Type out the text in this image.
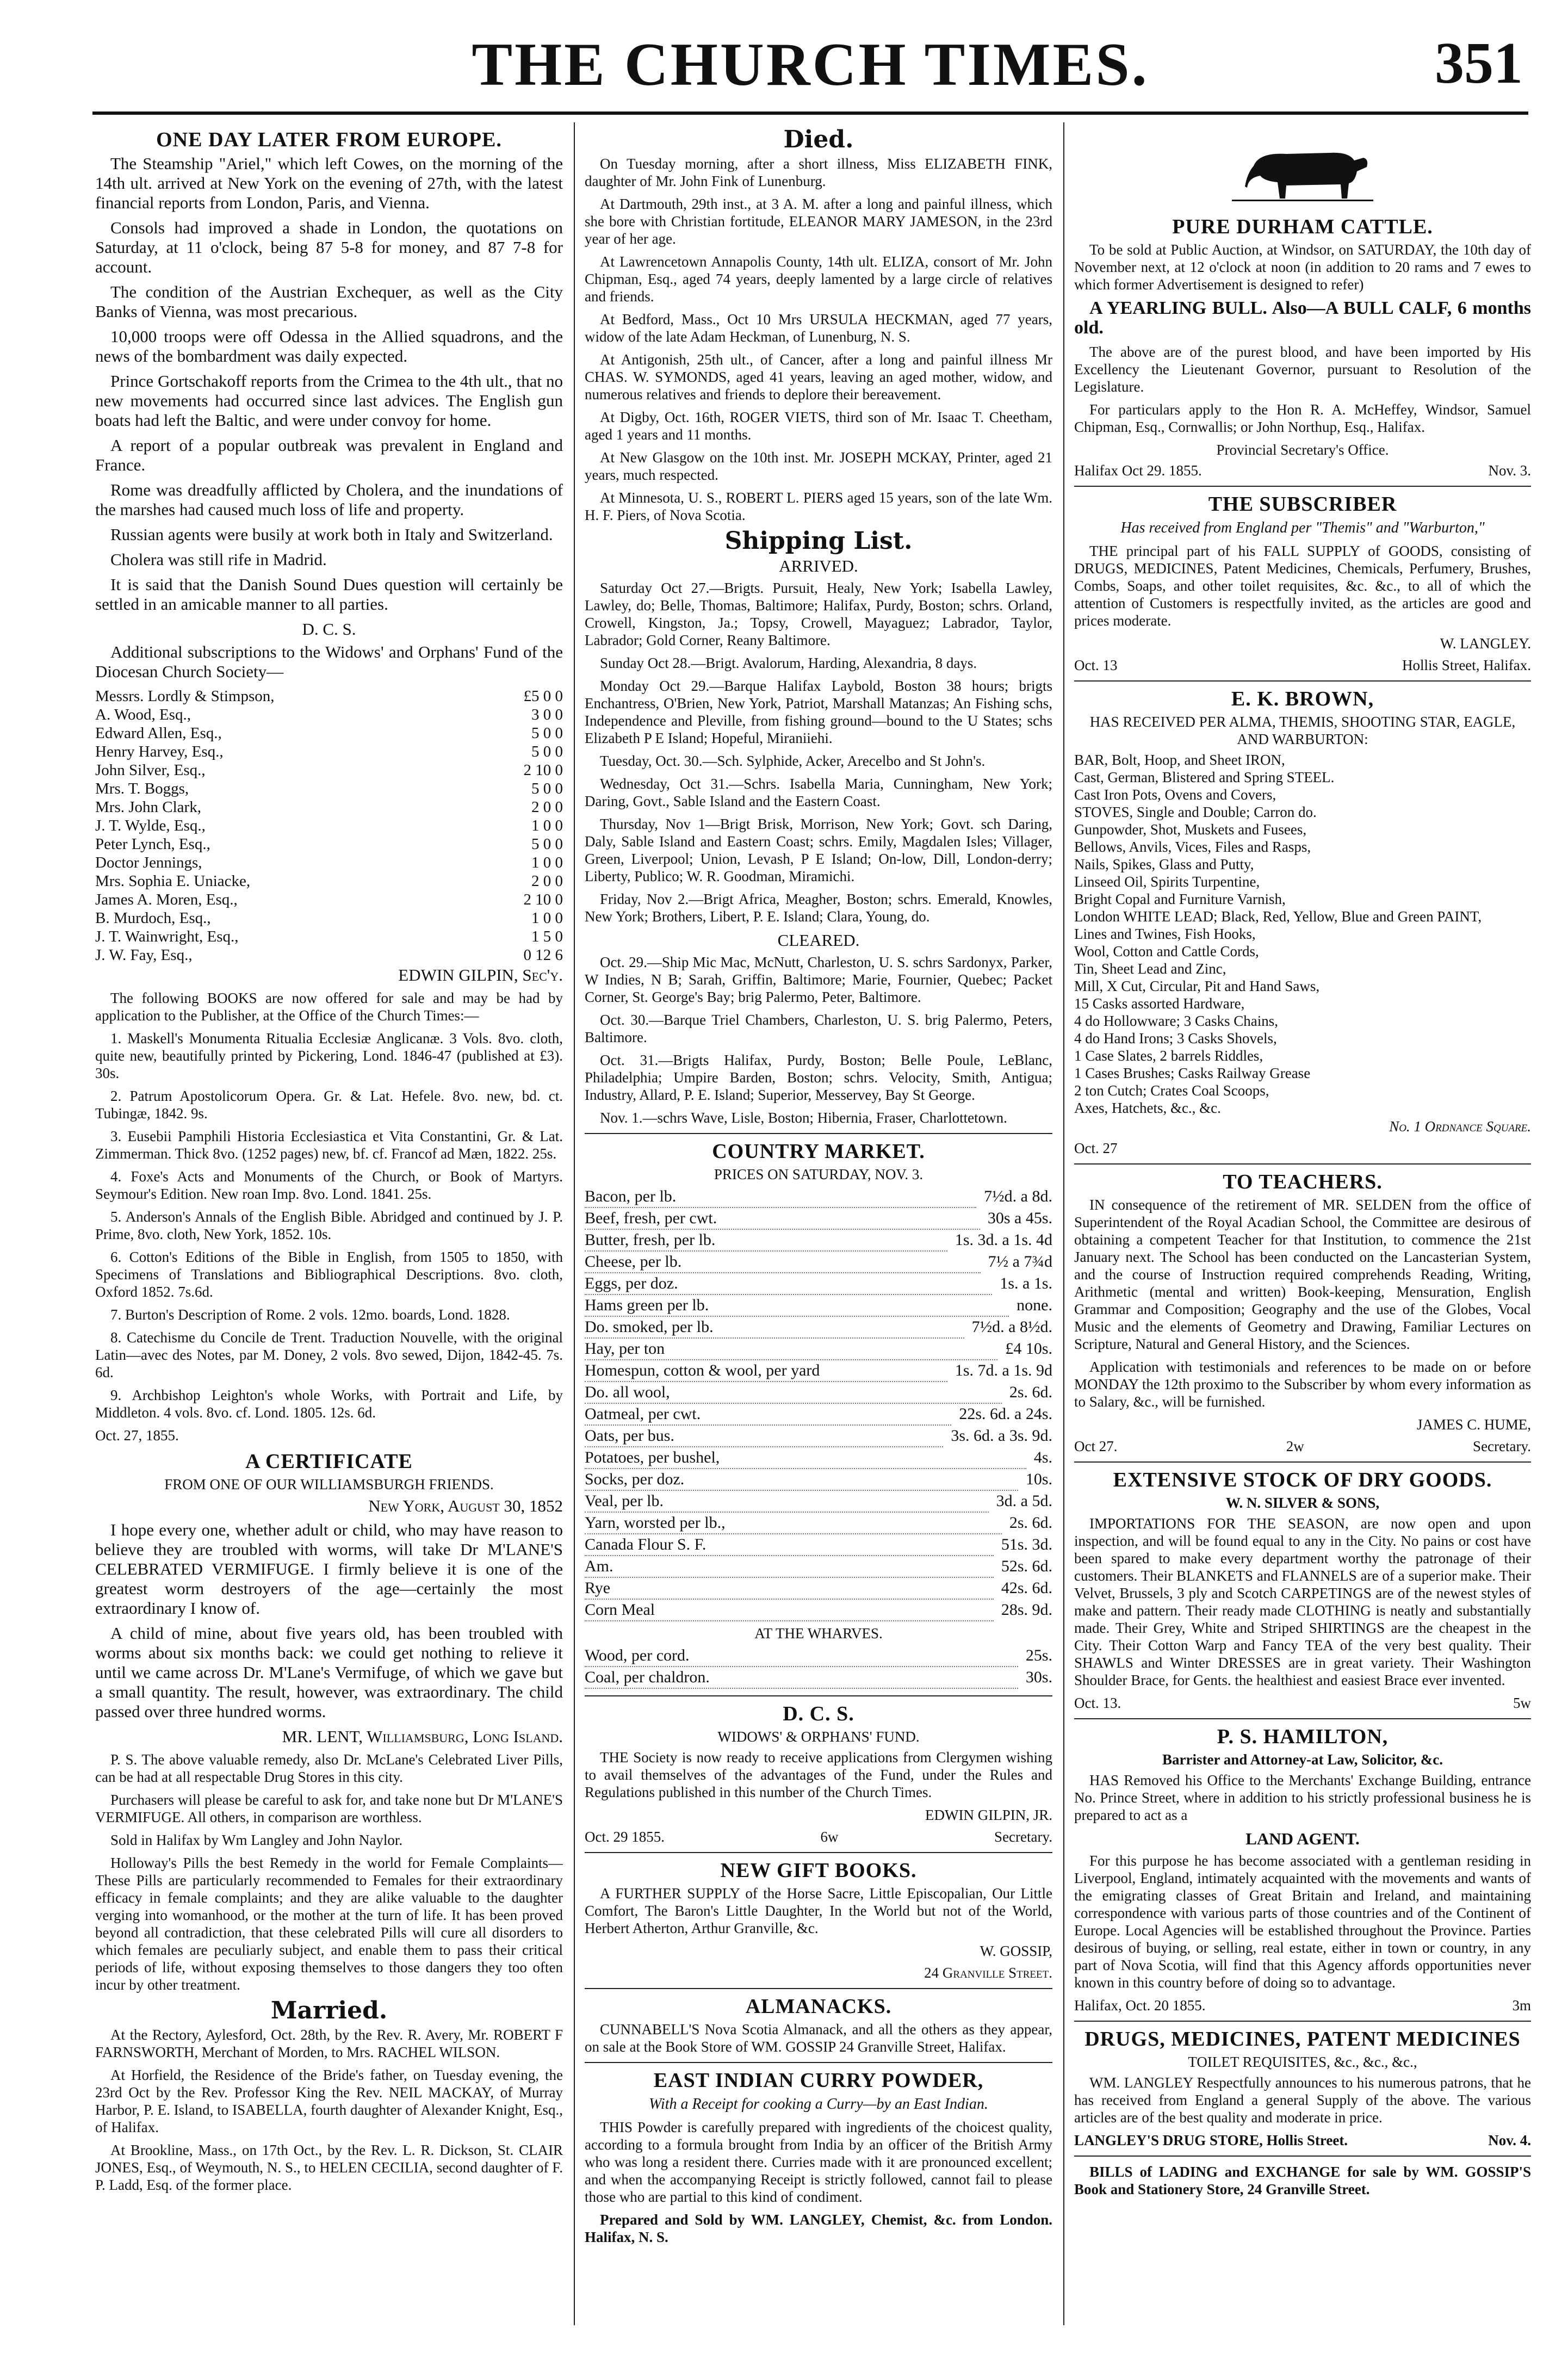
THE CHURCH TIMES.	351
ONE DAY LATER FROM EUROPE.

The Steamship "Ariel," which left Cowes, on the morning of the 14th ult. arrived at New York on the evening of 27th, with the latest financial reports from London, Paris, and Vienna.

Consols had improved a shade in London, the quotations on Saturday, at 11 o'clock, being 87 5-8 for money, and 87 7-8 for account.

The condition of the Austrian Exchequer, as well as the City Banks of Vienna, was most precarious.

10,000 troops were off Odessa in the Allied squadrons, and the news of the bombardment was daily expected.

Prince Gortschakoff reports from the Crimea to the 4th ult., that no new movements had occurred since last advices. The English gun boats had left the Baltic, and were under convoy for home.

A report of a popular outbreak was prevalent in England and France.

Rome was dreadfully afflicted by Cholera, and the inundations of the marshes had caused much loss of life and property.

Russian agents were busily at work both in Italy and Switzerland.

Cholera was still rife in Madrid.

It is said that the Danish Sound Dues question will certainly be settled in an amicable manner to all parties.

D. C. S.

Additional subscriptions to the Widows' and Orphans' Fund of the Diocesan Church Society—

Messrs. Lordly & Stimpson,	£5 0 0
A. Wood, Esq.,	3 0 0
Edward Allen, Esq.,	5 0 0
Henry Harvey, Esq.,	5 0 0
John Silver, Esq.,	2 10 0
Mrs. T. Boggs,	5 0 0
Mrs. John Clark,	2 0 0
J. T. Wylde, Esq.,	1 0 0
Peter Lynch, Esq.,	5 0 0
Doctor Jennings,	1 0 0
Mrs. Sophia E. Uniacke,	2 0 0
James A. Moren, Esq.,	2 10 0
B. Murdoch, Esq.,	1 0 0
J. T. Wainwright, Esq.,	1 5 0
J. W. Fay, Esq.,	0 12 6
EDWIN GILPIN, Sec'y.

The following BOOKS are now offered for sale and may be had by application to the Publisher, at the Office of the Church Times:—

1. Maskell's Monumenta Ritualia Ecclesiæ Anglicanæ. 3 Vols. 8vo. cloth, quite new, beautifully printed by Pickering, Lond. 1846-47 (published at £3). 30s.

2. Patrum Apostolicorum Opera. Gr. & Lat. Hefele. 8vo. new, bd. ct. Tubingæ, 1842. 9s.

3. Eusebii Pamphili Historia Ecclesiastica et Vita Constantini, Gr. & Lat. Zimmerman. Thick 8vo. (1252 pages) new, bf. cf. Francof ad Mæn, 1822. 25s.

4. Foxe's Acts and Monuments of the Church, or Book of Martyrs. Seymour's Edition. New roan Imp. 8vo. Lond. 1841. 25s.

5. Anderson's Annals of the English Bible. Abridged and continued by J. P. Prime, 8vo. cloth, New York, 1852. 10s.

6. Cotton's Editions of the Bible in English, from 1505 to 1850, with Specimens of Translations and Bibliographical Descriptions. 8vo. cloth, Oxford 1852. 7s.6d.

7. Burton's Description of Rome. 2 vols. 12mo. boards, Lond. 1828.

8. Catechisme du Concile de Trent. Traduction Nouvelle, with the original Latin—avec des Notes, par M. Doney, 2 vols. 8vo sewed, Dijon, 1842-45. 7s. 6d.

9. Archbishop Leighton's whole Works, with Portrait and Life, by Middleton. 4 vols. 8vo. cf. Lond. 1805. 12s. 6d.

Oct. 27, 1855.
A CERTIFICATE
FROM ONE OF OUR WILLIAMSBURGH FRIENDS.
New York, August 30, 1852

I hope every one, whether adult or child, who may have reason to believe they are troubled with worms, will take Dr M'LANE'S CELEBRATED VERMIFUGE. I firmly believe it is one of the greatest worm destroyers of the age—certainly the most extraordinary I know of.

A child of mine, about five years old, has been troubled with worms about six months back: we could get nothing to relieve it until we came across Dr. M'Lane's Vermifuge, of which we gave but a small quantity. The result, however, was extraordinary. The child passed over three hundred worms.

MR. LENT, Williamsburg, Long Island.

P. S. The above valuable remedy, also Dr. McLane's Celebrated Liver Pills, can be had at all respectable Drug Stores in this city.

Purchasers will please be careful to ask for, and take none but Dr M'LANE'S VERMIFUGE. All others, in comparison are worthless.

Sold in Halifax by Wm Langley and John Naylor.

Holloway's Pills the best Remedy in the world for Female Complaints—These Pills are particularly recommended to Females for their extraordinary efficacy in female complaints; and they are alike valuable to the daughter verging into womanhood, or the mother at the turn of life. It has been proved beyond all contradiction, that these celebrated Pills will cure all disorders to which females are peculiarly subject, and enable them to pass their critical periods of life, without exposing themselves to those dangers they too often incur by other treatment.

Married.

At the Rectory, Aylesford, Oct. 28th, by the Rev. R. Avery, Mr. ROBERT F FARNSWORTH, Merchant of Morden, to Mrs. RACHEL WILSON.

At Horfield, the Residence of the Bride's father, on Tuesday evening, the 23rd Oct by the Rev. Professor King the Rev. NEIL MACKAY, of Murray Harbor, P. E. Island, to ISABELLA, fourth daughter of Alexander Knight, Esq., of Halifax.

At Brookline, Mass., on 17th Oct., by the Rev. L. R. Dickson, St. CLAIR JONES, Esq., of Weymouth, N. S., to HELEN CECILIA, second daughter of F. P. Ladd, Esq. of the former place.

Died.

On Tuesday morning, after a short illness, Miss ELIZABETH FINK, daughter of Mr. John Fink of Lunenburg.

At Dartmouth, 29th inst., at 3 A. M. after a long and painful illness, which she bore with Christian fortitude, ELEANOR MARY JAMESON, in the 23rd year of her age.

At Lawrencetown Annapolis County, 14th ult. ELIZA, consort of Mr. John Chipman, Esq., aged 74 years, deeply lamented by a large circle of relatives and friends.

At Bedford, Mass., Oct 10 Mrs URSULA HECKMAN, aged 77 years, widow of the late Adam Heckman, of Lunenburg, N. S.

At Antigonish, 25th ult., of Cancer, after a long and painful illness Mr CHAS. W. SYMONDS, aged 41 years, leaving an aged mother, widow, and numerous relatives and friends to deplore their bereavement.

At Digby, Oct. 16th, ROGER VIETS, third son of Mr. Isaac T. Cheetham, aged 1 years and 11 months.

At New Glasgow on the 10th inst. Mr. JOSEPH MCKAY, Printer, aged 21 years, much respected.

At Minnesota, U. S., ROBERT L. PIERS aged 15 years, son of the late Wm. H. F. Piers, of Nova Scotia.

Shipping List.
ARRIVED.

Saturday Oct 27.—Brigts. Pursuit, Healy, New York; Isabella Lawley, Lawley, do; Belle, Thomas, Baltimore; Halifax, Purdy, Boston; schrs. Orland, Crowell, Kingston, Ja.; Topsy, Crowell, Mayaguez; Labrador, Taylor, Labrador; Gold Corner, Reany Baltimore.

Sunday Oct 28.—Brigt. Avalorum, Harding, Alexandria, 8 days.

Monday Oct 29.—Barque Halifax Laybold, Boston 38 hours; brigts Enchantress, O'Brien, New York, Patriot, Marshall Matanzas; An Fishing schs, Independence and Pleville, from fishing ground—bound to the U States; schs Elizabeth P E Island; Hopeful, Miraniiehi.

Tuesday, Oct. 30.—Sch. Sylphide, Acker, Arecelbo and St John's.

Wednesday, Oct 31.—Schrs. Isabella Maria, Cunningham, New York; Daring, Govt., Sable Island and the Eastern Coast.

Thursday, Nov 1—Brigt Brisk, Morrison, New York; Govt. sch Daring, Daly, Sable Island and Eastern Coast; schrs. Emily, Magdalen Isles; Villager, Green, Liverpool; Union, Levash, P E Island; On-low, Dill, London-derry; Liberty, Publico; W. R. Goodman, Miramichi.

Friday, Nov 2.—Brigt Africa, Meagher, Boston; schrs. Emerald, Knowles, New York; Brothers, Libert, P. E. Island; Clara, Young, do.

CLEARED.

Oct. 29.—Ship Mic Mac, McNutt, Charleston, U. S. schrs Sardonyx, Parker, W Indies, N B; Sarah, Griffin, Baltimore; Marie, Fournier, Quebec; Packet Corner, St. George's Bay; brig Palermo, Peter, Baltimore.

Oct. 30.—Barque Triel Chambers, Charleston, U. S. brig Palermo, Peters, Baltimore.

Oct. 31.—Brigts Halifax, Purdy, Boston; Belle Poule, LeBlanc, Philadelphia; Umpire Barden, Boston; schrs. Velocity, Smith, Antigua; Industry, Allard, P. E. Island; Superior, Messervey, Bay St George.

Nov. 1.—schrs Wave, Lisle, Boston; Hibernia, Fraser, Charlottetown.

COUNTRY MARKET.
PRICES ON SATURDAY, NOV. 3.
Bacon, per lb.	7½d. a 8d.
Beef, fresh, per cwt.	30s a 45s.
Butter, fresh, per lb.	1s. 3d. a 1s. 4d
Cheese, per lb.	7½ a 7¾d
Eggs, per doz.	1s. a 1s.
Hams green per lb.	none.
Do. smoked, per lb.	7½d. a 8½d.
Hay, per ton	£4 10s.
Homespun, cotton & wool, per yard	1s. 7d. a 1s. 9d
Do. all wool,	2s. 6d.
Oatmeal, per cwt.	22s. 6d. a 24s.
Oats, per bus.	3s. 6d. a 3s. 9d.
Potatoes, per bushel,	4s.
Socks, per doz.	10s.
Veal, per lb.	3d. a 5d.
Yarn, worsted per lb.,	2s. 6d.
Canada Flour S. F.	51s. 3d.
Am.	52s. 6d.
Rye	42s. 6d.
Corn Meal	28s. 9d.
AT THE WHARVES.
Wood, per cord.	25s.
Coal, per chaldron.	30s.
D. C. S.
WIDOWS' & ORPHANS' FUND.

THE Society is now ready to receive applications from Clergymen wishing to avail themselves of the advantages of the Fund, under the Rules and Regulations published in this number of the Church Times.

EDWIN GILPIN, JR.
Oct. 29 1855.	6w	Secretary.
NEW GIFT BOOKS.

A FURTHER SUPPLY of the Horse Sacre, Little Episcopalian, Our Little Comfort, The Baron's Little Daughter, In the World but not of the World, Herbert Atherton, Arthur Granville, &c.

W. GOSSIP,
24 Granville Street.
ALMANACKS.

CUNNABELL'S Nova Scotia Almanack, and all the others as they appear, on sale at the Book Store of WM. GOSSIP 24 Granville Street, Halifax.

EAST INDIAN CURRY POWDER,
With a Receipt for cooking a Curry—by an East Indian.

THIS Powder is carefully prepared with ingredients of the choicest quality, according to a formula brought from India by an officer of the British Army who was long a resident there. Curries made with it are pronounced excellent; and when the accompanying Receipt is strictly followed, cannot fail to please those who are partial to this kind of condiment.

Prepared and Sold by WM. LANGLEY, Chemist, &c. from London. Halifax, N. S.

PURE DURHAM CATTLE.

To be sold at Public Auction, at Windsor, on SATURDAY, the 10th day of November next, at 12 o'clock at noon (in addition to 20 rams and 7 ewes to which former Advertisement is designed to refer)

A YEARLING BULL. Also—A BULL CALF, 6 months old.

The above are of the purest blood, and have been imported by His Excellency the Lieutenant Governor, pursuant to Resolution of the Legislature.

For particulars apply to the Hon R. A. McHeffey, Windsor, Samuel Chipman, Esq., Cornwallis; or John Northup, Esq., Halifax.

Provincial Secretary's Office.
Halifax Oct 29. 1855.	Nov. 3.
THE SUBSCRIBER
Has received from England per "Themis" and "Warburton,"

THE principal part of his FALL SUPPLY of GOODS, consisting of DRUGS, MEDICINES, Patent Medicines, Chemicals, Perfumery, Brushes, Combs, Soaps, and other toilet requisites, &c. &c., to all of which the attention of Customers is respectfully invited, as the articles are good and prices moderate.

W. LANGLEY.
Oct. 13	Hollis Street, Halifax.
E. K. BROWN,
HAS RECEIVED PER ALMA, THEMIS, SHOOTING STAR, EAGLE, AND WARBURTON:
BAR, Bolt, Hoop, and Sheet IRON,
Cast, German, Blistered and Spring STEEL.
Cast Iron Pots, Ovens and Covers,
STOVES, Single and Double; Carron do.
Gunpowder, Shot, Muskets and Fusees,
Bellows, Anvils, Vices, Files and Rasps,
Nails, Spikes, Glass and Putty,
Linseed Oil, Spirits Turpentine,
Bright Copal and Furniture Varnish,
London WHITE LEAD; Black, Red, Yellow, Blue and Green PAINT,
Lines and Twines, Fish Hooks,
Wool, Cotton and Cattle Cords,
Tin, Sheet Lead and Zinc,
Mill, X Cut, Circular, Pit and Hand Saws,
15 Casks assorted Hardware,
4 do Hollowware; 3 Casks Chains,
4 do Hand Irons; 3 Casks Shovels,
1 Case Slates, 2 barrels Riddles,
1 Cases Brushes; Casks Railway Grease
2 ton Cutch; Crates Coal Scoops,
Axes, Hatchets, &c., &c.
No. 1 Ordnance Square.
Oct. 27
TO TEACHERS.

IN consequence of the retirement of MR. SELDEN from the office of Superintendent of the Royal Acadian School, the Committee are desirous of obtaining a competent Teacher for that Institution, to commence the 21st January next. The School has been conducted on the Lancasterian System, and the course of Instruction required comprehends Reading, Writing, Arithmetic (mental and written) Book-keeping, Mensuration, English Grammar and Composition; Geography and the use of the Globes, Vocal Music and the elements of Geometry and Drawing, Familiar Lectures on Scripture, Natural and General History, and the Sciences.

Application with testimonials and references to be made on or before MONDAY the 12th proximo to the Subscriber by whom every information as to Salary, &c., will be furnished.

JAMES C. HUME,
Oct 27.	2w	Secretary.
EXTENSIVE STOCK OF DRY GOODS.
W. N. SILVER & SONS,

IMPORTATIONS FOR THE SEASON, are now open and upon inspection, and will be found equal to any in the City. No pains or cost have been spared to make every department worthy the patronage of their customers. Their BLANKETS and FLANNELS are of a superior make. Their Velvet, Brussels, 3 ply and Scotch CARPETINGS are of the newest styles of make and pattern. Their ready made CLOTHING is neatly and substantially made. Their Grey, White and Striped SHIRTINGS are the cheapest in the City. Their Cotton Warp and Fancy TEA of the very best quality. Their SHAWLS and Winter DRESSES are in great variety. Their Washington Shoulder Brace, for Gents. the healthiest and easiest Brace ever invented.

Oct. 13.	5w
P. S. HAMILTON,
Barrister and Attorney-at Law, Solicitor, &c.

HAS Removed his Office to the Merchants' Exchange Building, entrance No. Prince Street, where in addition to his strictly professional business he is prepared to act as a

LAND AGENT.

For this purpose he has become associated with a gentleman residing in Liverpool, England, intimately acquainted with the movements and wants of the emigrating classes of Great Britain and Ireland, and maintaining correspondence with various parts of those countries and of the Continent of Europe. Local Agencies will be established throughout the Province. Parties desirous of buying, or selling, real estate, either in town or country, in any part of Nova Scotia, will find that this Agency affords opportunities never known in this country before of doing so to advantage.

Halifax, Oct. 20 1855.	3m
DRUGS, MEDICINES, PATENT MEDICINES
TOILET REQUISITES, &c., &c., &c.,

WM. LANGLEY Respectfully announces to his numerous patrons, that he has received from England a general Supply of the above. The various articles are of the best quality and moderate in price.

LANGLEY'S DRUG STORE, Hollis Street.	Nov. 4.

BILLS of LADING and EXCHANGE for sale by WM. GOSSIP'S Book and Stationery Store, 24 Granville Street.
